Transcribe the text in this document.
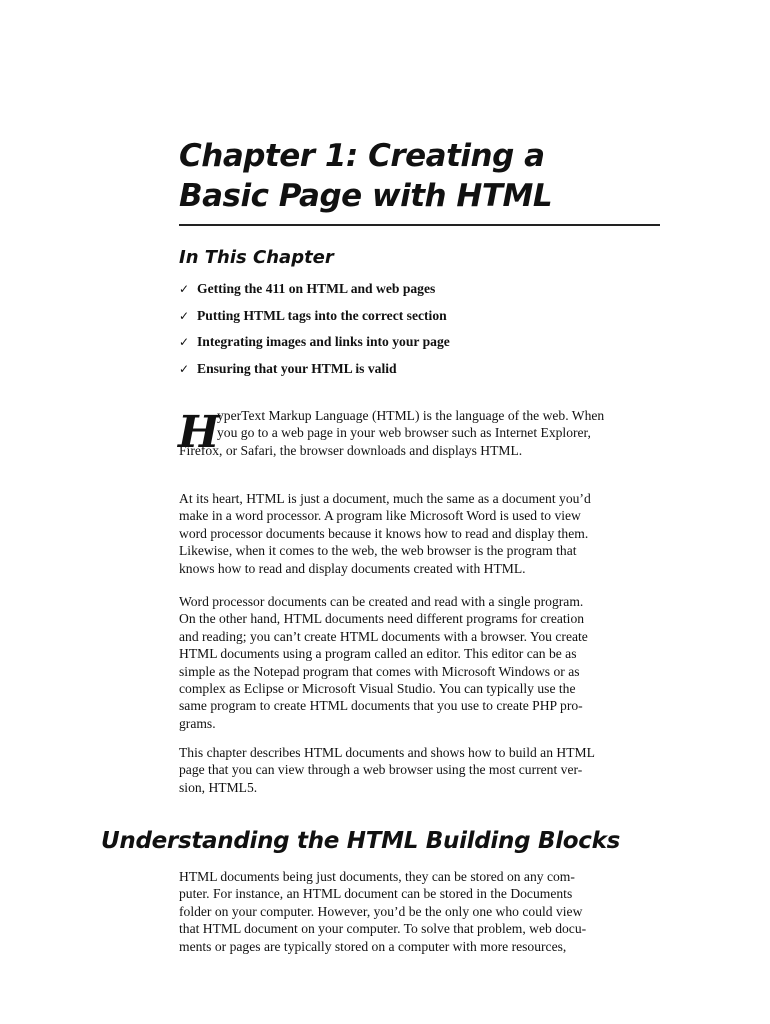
Chapter 1: Creating a
Basic Page with HTML
In This Chapter
✓ Getting the 411 on HTML and web pages
✓ Putting HTML tags into the correct section
✓ Integrating images and links into your page
✓ Ensuring that your HTML is valid
H
yperText Markup Language (HTML) is the language of the web. When
you go to a web page in your web browser such as Internet Explorer,
Firefox, or Safari, the browser downloads and displays HTML.
At its heart, HTML is just a document, much the same as a document you’d
make in a word processor. A program like Microsoft Word is used to view
word processor documents because it knows how to read and display them.
Likewise, when it comes to the web, the web browser is the program that
knows how to read and display documents created with HTML.
Word processor documents can be created and read with a single program.
On the other hand, HTML documents need different programs for creation
and reading; you can’t create HTML documents with a browser. You create
HTML documents using a program called an editor. This editor can be as
simple as the Notepad program that comes with Microsoft Windows or as
complex as Eclipse or Microsoft Visual Studio. You can typically use the
same program to create HTML documents that you use to create PHP pro-
grams.
This chapter describes HTML documents and shows how to build an HTML
page that you can view through a web browser using the most current ver-
sion, HTML5.
Understanding the HTML Building Blocks
HTML documents being just documents, they can be stored on any com-
puter. For instance, an HTML document can be stored in the Documents
folder on your computer. However, you’d be the only one who could view
that HTML document on your computer. To solve that problem, web docu-
ments or pages are typically stored on a computer with more resources,
